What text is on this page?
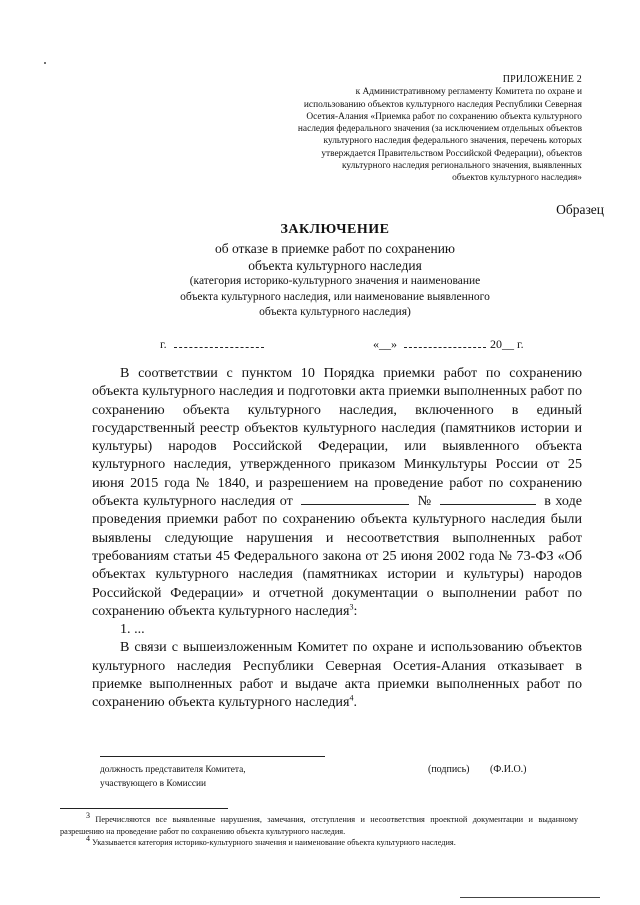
ПРИЛОЖЕНИЕ 2
к Административному регламенту Комитета по охране и
использованию объектов культурного наследия Республики Северная
Осетия-Алания «Приемка работ по сохранению объекта культурного
наследия федерального значения (за исключением отдельных объектов
культурного наследия федерального значения, перечень которых
утверждается Правительством Российской Федерации), объектов
культурного наследия регионального значения, выявленных
объектов культурного наследия»
Образец
ЗАКЛЮЧЕНИЕ
об отказе в приемке работ по сохранению
объекта культурного наследия
(категория историко-культурного значения и наименование
объекта культурного наследия, или наименование выявленного
объекта культурного наследия)
г.	«__»	20__ г.

В соответствии с пунктом 10 Порядка приемки работ по сохранению объекта культурного наследия и подготовки акта приемки выполненных работ по сохранению объекта культурного наследия, включенного в единый государственный реестр объектов культурного наследия (памятников истории и культуры) народов Российской Федерации, или выявленного объекта культурного наследия, утвержденного приказом Минкультуры России от 25 июня 2015 года № 1840, и разрешением на проведение работ по сохранению объекта культурного наследия от	№	в ходе проведения приемки работ по сохранению объекта культурного наследия были выявлены следующие нарушения и несоответствия выполненных работ требованиям статьи 45 Федерального закона от 25 июня 2002 года № 73-ФЗ «Об объектах культурного наследия (памятниках истории и культуры) народов Российской Федерации» и отчетной документации о выполнении работ по сохранению объекта культурного наследия$^3$:

1. ...

В связи с вышеизложенным Комитет по охране и использованию объектов культурного наследия Республики Северная Осетия-Алания отказывает в приемке выполненных работ и выдаче акта приемки выполненных работ по сохранению объекта культурного наследия$^4$.

должность представителя Комитета,
участвующего в Комиссии
(подпись) (Ф.И.О.)

$^3$ Перечисляются все выявленные нарушения, замечания, отступления и несоответствия проектной документации и выданному разрешению на проведение работ по сохранению объекта культурного наследия.

$^4$ Указывается категория историко-культурного значения и наименование объекта культурного наследия.
